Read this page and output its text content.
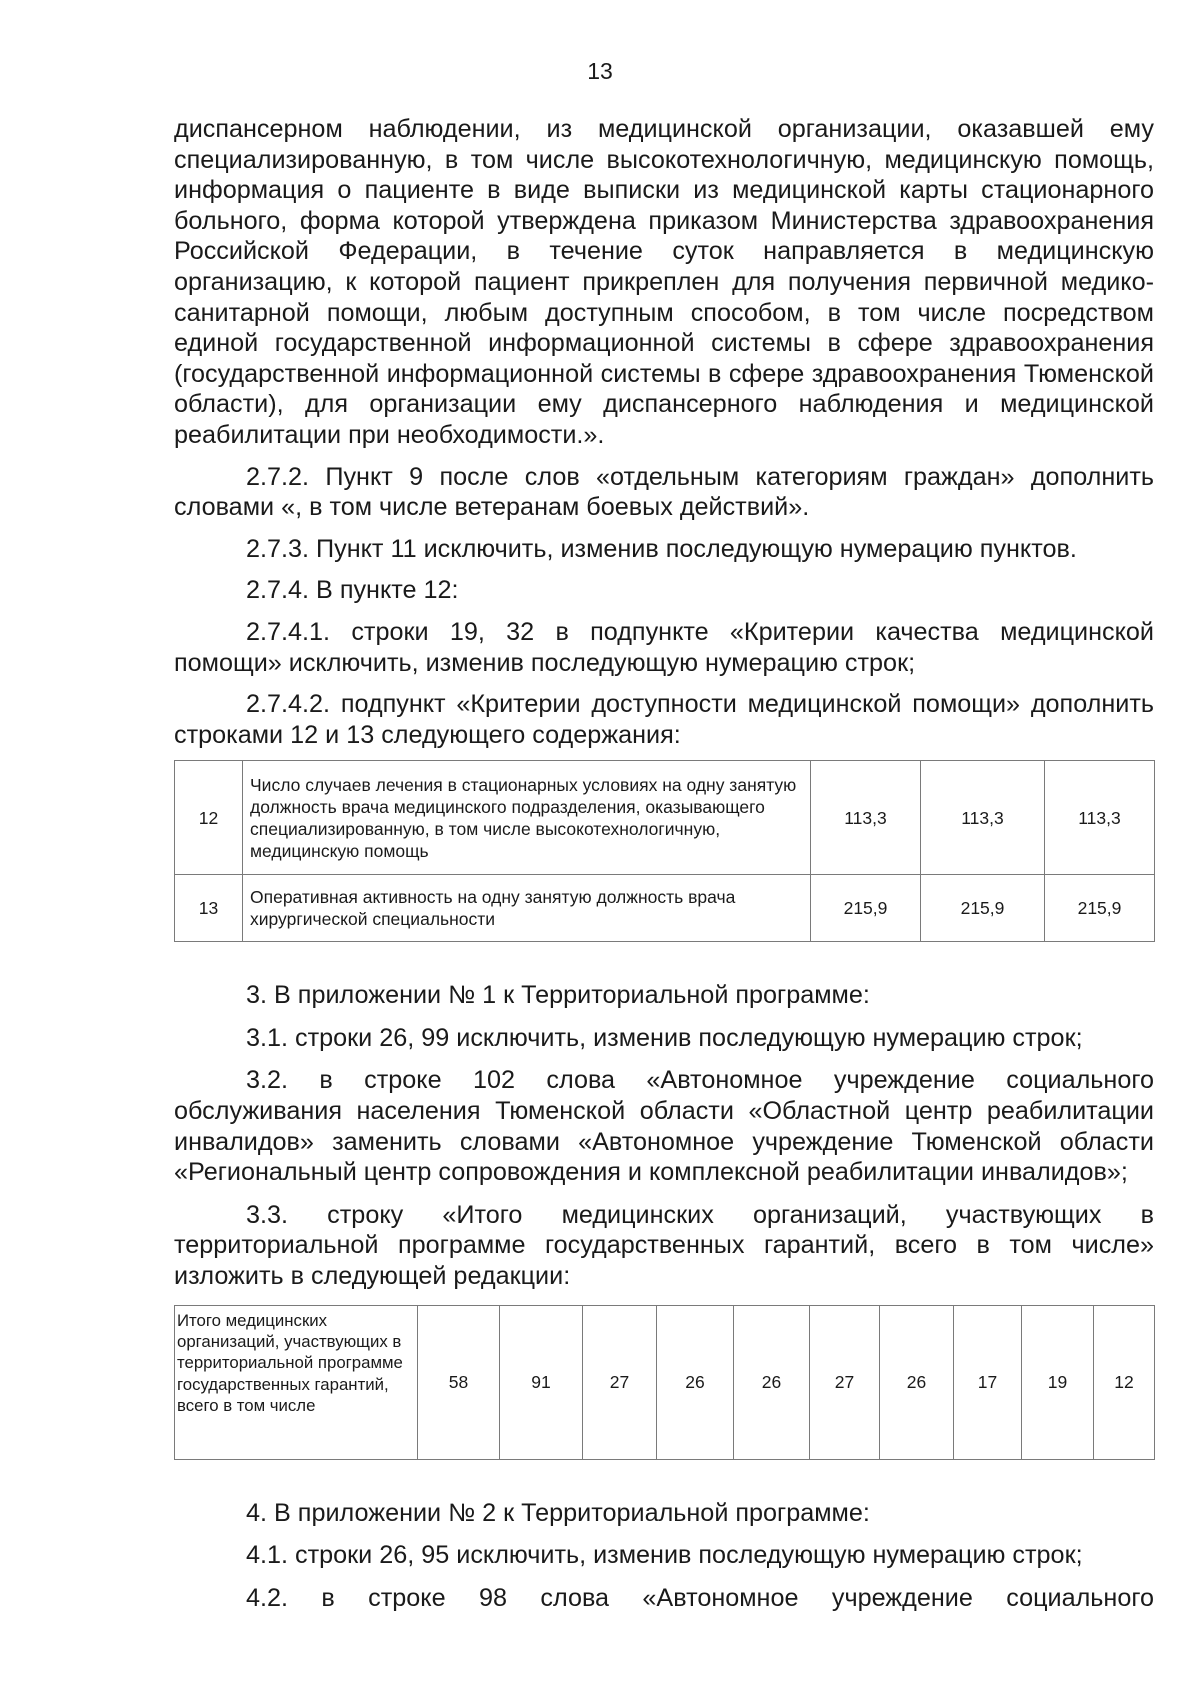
13

диспансерном наблюдении, из медицинской организации, оказавшей ему специализированную, в том числе высокотехнологичную, медицинскую помощь, информация о пациенте в виде выписки из медицинской карты стационарного больного, форма которой утверждена приказом Министерства здравоохранения Российской Федерации, в течение суток направляется в медицинскую организацию, к которой пациент прикреплен для получения первичной медико-санитарной помощи, любым доступным способом, в том числе посредством единой государственной информационной системы в сфере здравоохранения (государственной информационной системы в сфере здравоохранения Тюменской области), для организации ему диспансерного наблюдения и медицинской реабилитации при необходимости.».

2.7.2. Пункт 9 после слов «отдельным категориям граждан» дополнить словами «, в том числе ветеранам боевых действий».

2.7.3. Пункт 11 исключить, изменив последующую нумерацию пунктов.

2.7.4. В пункте 12:

2.7.4.1. строки 19, 32 в подпункте «Критерии качества медицинской помощи» исключить, изменив последующую нумерацию строк;

2.7.4.2. подпункт «Критерии доступности медицинской помощи» дополнить строками 12 и 13 следующего содержания:

12	Число случаев лечения в стационарных условиях на одну занятую должность врача медицинского подразделения, оказывающего специализированную, в том числе высокотехнологичную, медицинскую помощь	113,3	113,3	113,3
13	Оперативная активность на одну занятую должность врача хирургической специальности	215,9	215,9	215,9

3. В приложении № 1 к Территориальной программе:

3.1. строки 26, 99 исключить, изменив последующую нумерацию строк;

3.2. в строке 102 слова «Автономное учреждение социального обслуживания населения Тюменской области «Областной центр реабилитации инвалидов» заменить словами «Автономное учреждение Тюменской области «Региональный центр сопровождения и комплексной реабилитации инвалидов»;

3.3. строку «Итого медицинских организаций, участвующих в территориальной программе государственных гарантий, всего в том числе» изложить в следующей редакции:

Итого медицинских организаций, участвующих в территориальной программе государственных гарантий, всего в том числе	58	91	27	26	26	27	26	17	19	12

4. В приложении № 2 к Территориальной программе:

4.1. строки 26, 95 исключить, изменив последующую нумерацию строк;

4.2. в строке 98 слова «Автономное учреждение социального
